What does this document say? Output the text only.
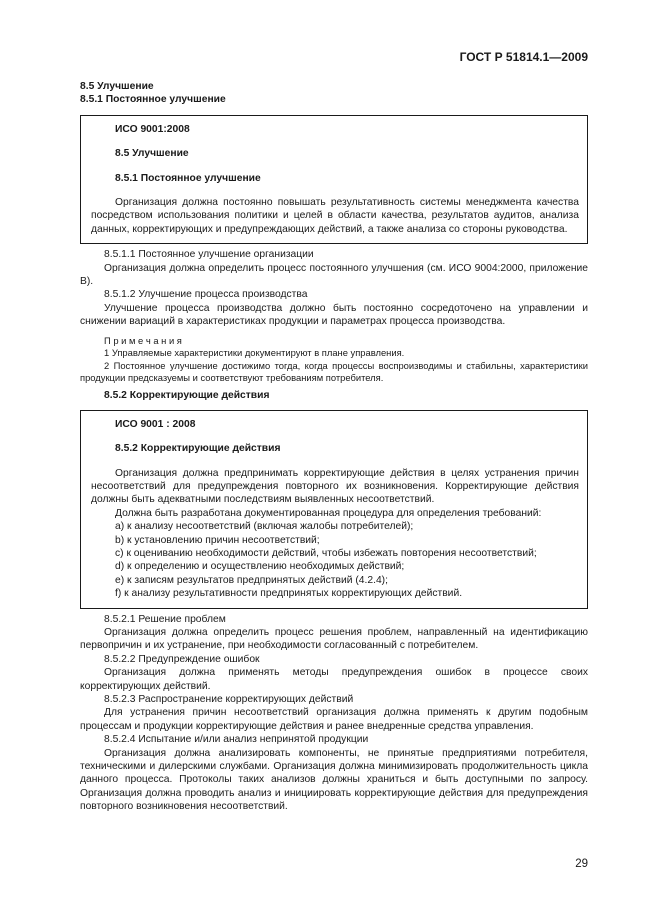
ГОСТ Р 51814.1—2009

8.5 Улучшение

8.5.1 Постоянное улучшение

ИСО 9001:2008

8.5 Улучшение

8.5.1 Постоянное улучшение

Организация должна постоянно повышать результативность системы менеджмента качества посредством использования политики и целей в области качества, результатов аудитов, анализа данных, корректирующих и предупреждающих действий, а также анализа со стороны руководства.

8.5.1.1 Постоянное улучшение организации

Организация должна определить процесс постоянного улучшения (см. ИСО 9004:2000, приложение В).

8.5.1.2 Улучшение процесса производства

Улучшение процесса производства должно быть постоянно сосредоточено на управлении и снижении вариаций в характеристиках продукции и параметрах процесса производства.

П р и м е ч а н и я

1 Управляемые характеристики документируют в плане управления.

2 Постоянное улучшение достижимо тогда, когда процессы воспроизводимы и стабильны, характеристики продукции предсказуемы и соответствуют требованиям потребителя.

8.5.2 Корректирующие действия

ИСО 9001 : 2008

8.5.2 Корректирующие действия

Организация должна предпринимать корректирующие действия в целях устранения причин несоответствий для предупреждения повторного их возникновения. Корректирующие действия должны быть адекватными последствиям выявленных несоответствий.

Должна быть разработана документированная процедура для определения требований:

a) к анализу несоответствий (включая жалобы потребителей);

b) к установлению причин несоответствий;

c) к оцениванию необходимости действий, чтобы избежать повторения несоответствий;

d) к определению и осуществлению необходимых действий;

e) к записям результатов предпринятых действий (4.2.4);

f) к анализу результативности предпринятых корректирующих действий.

8.5.2.1 Решение проблем

Организация должна определить процесс решения проблем, направленный на идентификацию первопричин и их устранение, при необходимости согласованный с потребителем.

8.5.2.2 Предупреждение ошибок

Организация должна применять методы предупреждения ошибок в процессе своих корректирующих действий.

8.5.2.3 Распространение корректирующих действий

Для устранения причин несоответствий организация должна применять к другим подобным процессам и продукции корректирующие действия и ранее внедренные средства управления.

8.5.2.4 Испытание и/или анализ непринятой продукции

Организация должна анализировать компоненты, не принятые предприятиями потребителя, техническими и дилерскими службами. Организация должна минимизировать продолжительность цикла данного процесса. Протоколы таких анализов должны храниться и быть доступными по запросу. Организация должна проводить анализ и инициировать корректирующие действия для предупреждения повторного возникновения несоответствий.

29
